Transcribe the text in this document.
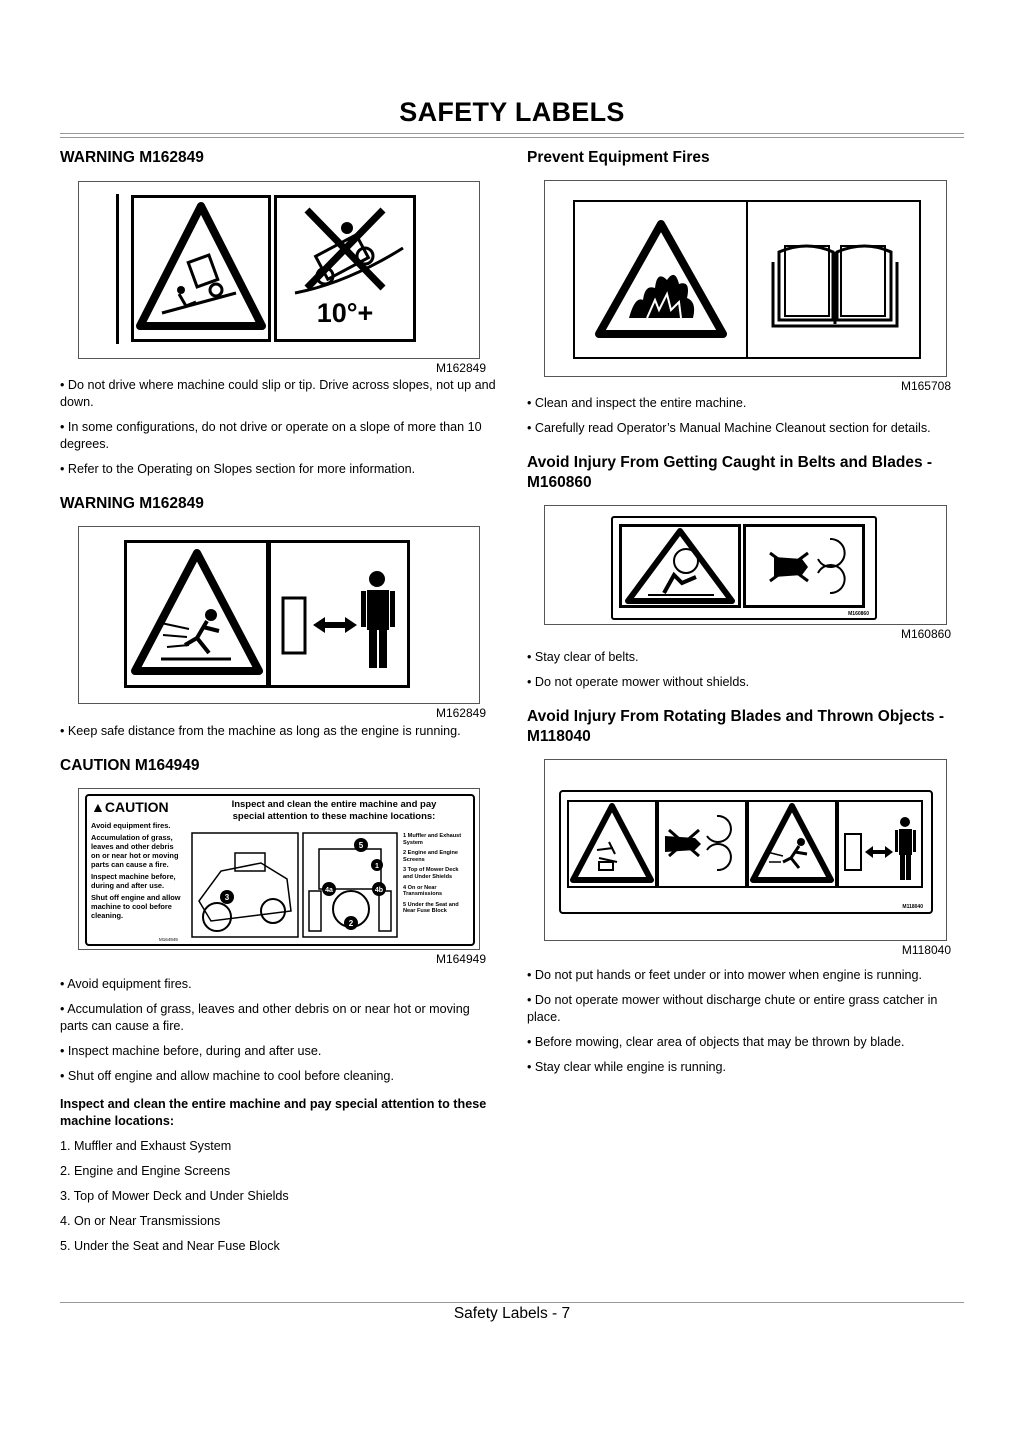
SAFETY LABELS
WARNING M162849
10°+
M162849

• Do not drive where machine could slip or tip. Drive across slopes, not up and down.

• In some configurations, do not drive or operate on a slope of more than 10 degrees.

• Refer to the Operating on Slopes section for more information.

WARNING M162849
M162849

• Keep safe distance from the machine as long as the engine is running.

CAUTION M164949
▲CAUTION
Avoid equipment fires.
Accumulation of grass,
leaves and other debris
on or near hot or moving
parts can cause a fire.
Inspect machine before,
during and after use.
Shut off engine and allow
machine to cool before
cleaning.
Inspect and clean the entire machine and pay
special attention to these machine locations:
3
5
4a	4b
2
1
1 Muffler and Exhaust System
2 Engine and Engine Screens
3 Top of Mower Deck and Under Shields
4 On or Near Transmissions
5 Under the Seat and Near Fuse Block
M164949
M164949

• Avoid equipment fires.

• Accumulation of grass, leaves and other debris on or near hot or moving parts can cause a fire.

• Inspect machine before, during and after use.

• Shut off engine and allow machine to cool before cleaning.

Inspect and clean the entire machine and pay special attention to these machine locations:

1. Muffler and Exhaust System

2. Engine and Engine Screens

3. Top of Mower Deck and Under Shields

4. On or Near Transmissions

5. Under the Seat and Near Fuse Block

Prevent Equipment Fires
M165708

• Clean and inspect the entire machine.

• Carefully read Operator’s Manual Machine Cleanout section for details.

Avoid Injury From Getting Caught in Belts and Blades - M160860
M160860
M160860

• Stay clear of belts.

• Do not operate mower without shields.

Avoid Injury From Rotating Blades and Thrown Objects - M118040
M118040
M118040

• Do not put hands or feet under or into mower when engine is running.

• Do not operate mower without discharge chute or entire grass catcher in place.

• Before mowing, clear area of objects that may be thrown by blade.

• Stay clear while engine is running.

Safety Labels - 7
